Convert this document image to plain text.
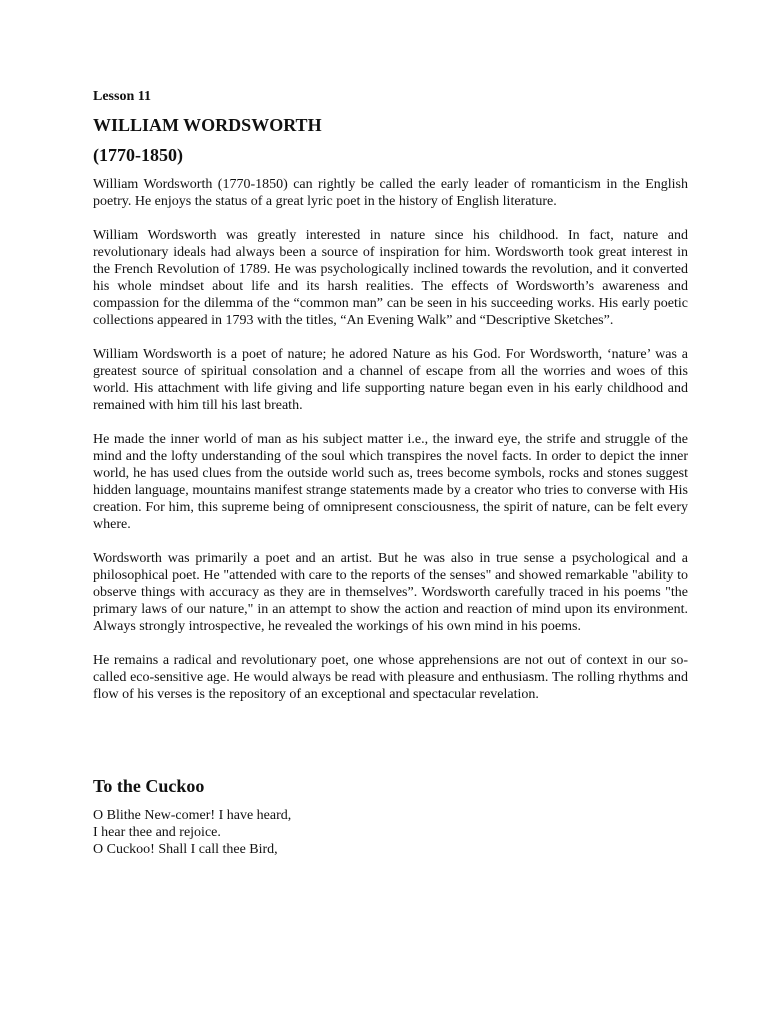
Lesson 11
WILLIAM WORDSWORTH
(1770-1850)

William Wordsworth (1770-1850) can rightly be called the early leader of romanticism in the English poetry. He enjoys the status of a great lyric poet in the history of English literature.

William Wordsworth was greatly interested in nature since his childhood. In fact, nature and revolutionary ideals had always been a source of inspiration for him. Wordsworth took great interest in the French Revolution of 1789. He was psychologically inclined towards the revolution, and it converted his whole mindset about life and its harsh realities. The effects of Wordsworth’s awareness and compassion for the dilemma of the “common man” can be seen in his succeeding works. His early poetic collections appeared in 1793 with the titles, “An Evening Walk” and “Descriptive Sketches”.

William Wordsworth is a poet of nature; he adored Nature as his God. For Wordsworth, ‘nature’ was a greatest source of spiritual consolation and a channel of escape from all the worries and woes of this world. His attachment with life giving and life supporting nature began even in his early childhood and remained with him till his last breath.

He made the inner world of man as his subject matter i.e., the inward eye, the strife and struggle of the mind and the lofty understanding of the soul which transpires the novel facts. In order to depict the inner world, he has used clues from the outside world such as, trees become symbols, rocks and stones suggest hidden language, mountains manifest strange statements made by a creator who tries to converse with His creation. For him, this supreme being of omnipresent consciousness, the spirit of nature, can be felt every where.

Wordsworth was primarily a poet and an artist. But he was also in true sense a psychological and a philosophical poet. He "attended with care to the reports of the senses" and showed remarkable "ability to observe things with accuracy as they are in themselves”. Wordsworth carefully traced in his poems "the primary laws of our nature," in an attempt to show the action and reaction of mind upon its environment. Always strongly introspective, he revealed the workings of his own mind in his poems.

He remains a radical and revolutionary poet, one whose apprehensions are not out of context in our so-called eco-sensitive age. He would always be read with pleasure and enthusiasm. The rolling rhythms and flow of his verses is the repository of an exceptional and spectacular revelation.

To the Cuckoo
O Blithe New-comer! I have heard,
I hear thee and rejoice.
O Cuckoo! Shall I call thee Bird,
